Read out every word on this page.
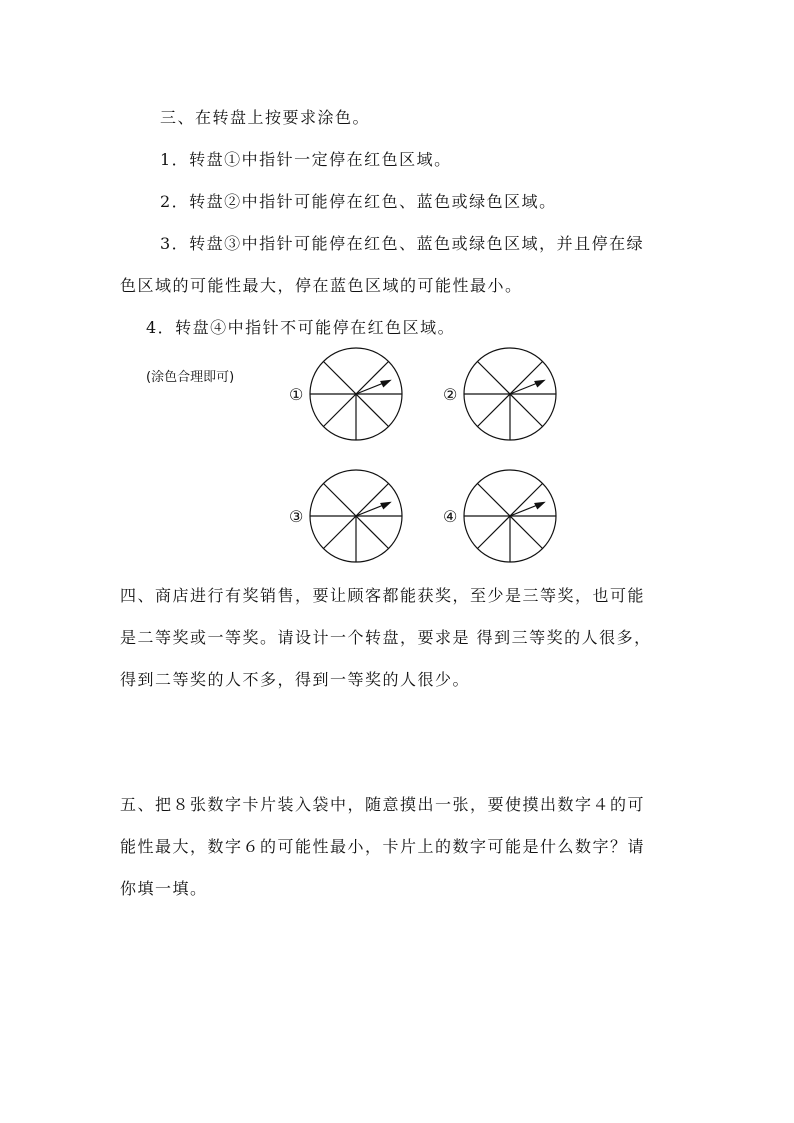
三、在转盘上按要求涂色。
1．转盘①中指针一定停在红色区域。
2．转盘②中指针可能停在红色、蓝色或绿色区域。
3．转盘③中指针可能停在红色、蓝色或绿色区域，并且停在绿
色区域的可能性最大，停在蓝色区域的可能性最小。
4．转盘④中指针不可能停在红色区域。
(涂色合理即可)
①	②
③	④
四、商店进行有奖销售，要让顾客都能获奖，至少是三等奖，也可能
是二等奖或一等奖。请设计一个转盘，要求是 得到三等奖的人很多，
得到二等奖的人不多，得到一等奖的人很少。
五、把８张数字卡片装入袋中，随意摸出一张，要使摸出数字４的可
能性最大，数字６的可能性最小，卡片上的数字可能是什么数字？请
你填一填。
